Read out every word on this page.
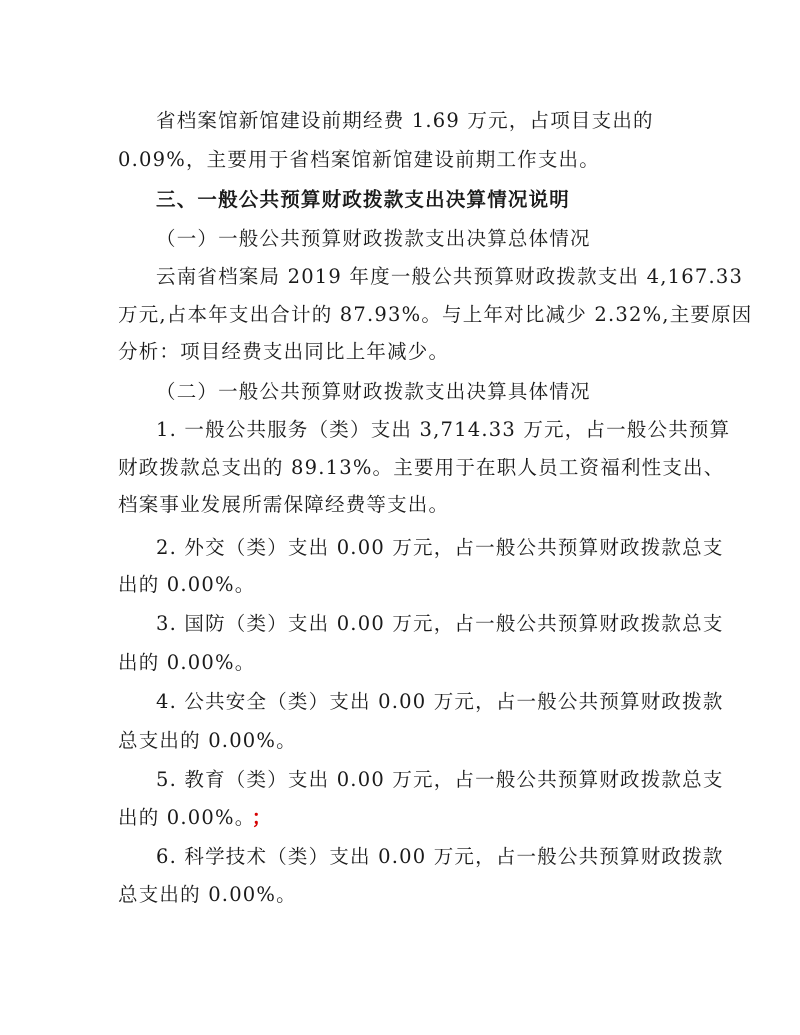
省档案馆新馆建设前期经费 1.69 万元，占项目支出的
0.09%，主要用于省档案馆新馆建设前期工作支出。
三、一般公共预算财政拨款支出决算情况说明
（一）一般公共预算财政拨款支出决算总体情况
云南省档案局 2019 年度一般公共预算财政拨款支出 4,167.33
万元,占本年支出合计的 87.93%。与上年对比减少 2.32%,主要原因
分析：项目经费支出同比上年减少。
（二）一般公共预算财政拨款支出决算具体情况
1. 一般公共服务（类）支出 3,714.33 万元，占一般公共预算
财政拨款总支出的 89.13%。主要用于在职人员工资福利性支出、
档案事业发展所需保障经费等支出。
2. 外交（类）支出 0.00 万元，占一般公共预算财政拨款总支
出的 0.00%。
3. 国防（类）支出 0.00 万元，占一般公共预算财政拨款总支
出的 0.00%。
4. 公共安全（类）支出 0.00 万元，占一般公共预算财政拨款
总支出的 0.00%。
5. 教育（类）支出 0.00 万元，占一般公共预算财政拨款总支
出的 0.00%。 ；
6. 科学技术（类）支出 0.00 万元，占一般公共预算财政拨款
总支出的 0.00%。
